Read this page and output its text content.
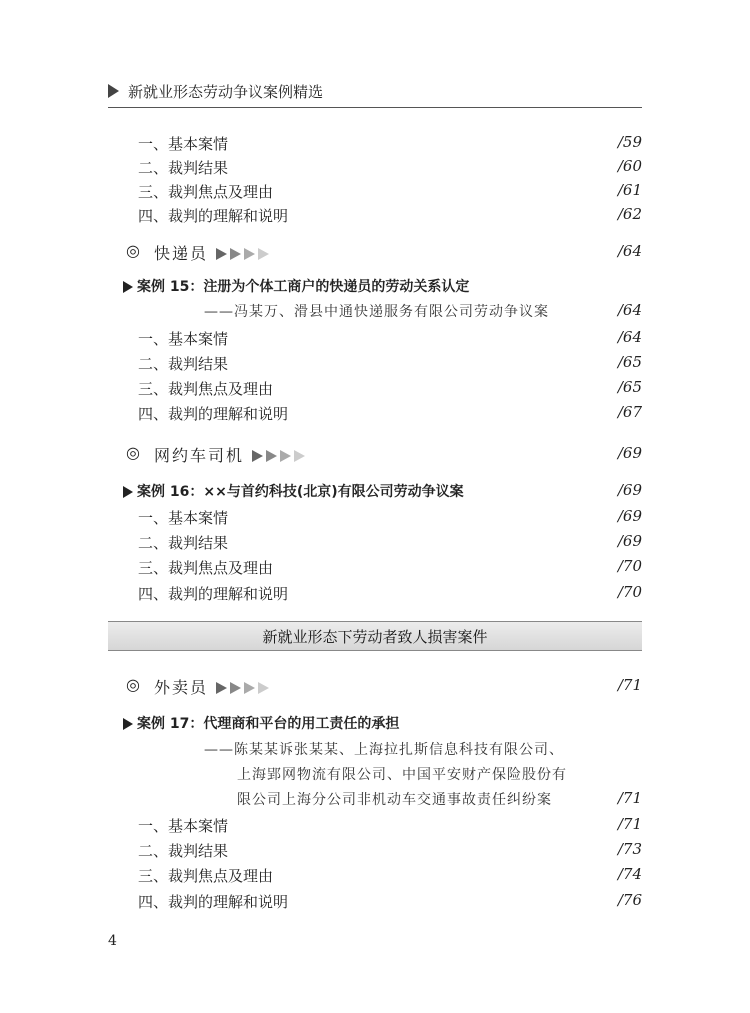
新就业形态劳动争议案例精选
一、基本案情	/59
二、裁判结果	/60
三、裁判焦点及理由	/61
四、裁判的理解和说明	/62
◎ 快递员	/64
案例 15：注册为个体工商户的快递员的劳动关系认定
——冯某万、滑县中通快递服务有限公司劳动争议案	/64
一、基本案情	/64
二、裁判结果	/65
三、裁判焦点及理由	/65
四、裁判的理解和说明	/67
◎ 网约车司机	/69
案例 16：××与首约科技(北京)有限公司劳动争议案	/69
一、基本案情	/69
二、裁判结果	/69
三、裁判焦点及理由	/70
四、裁判的理解和说明	/70
新就业形态下劳动者致人损害案件
◎ 外卖员	/71
案例 17：代理商和平台的用工责任的承担
——陈某某诉张某某、上海拉扎斯信息科技有限公司、
上海郢网物流有限公司、中国平安财产保险股份有
限公司上海分公司非机动车交通事故责任纠纷案	/71
一、基本案情	/71
二、裁判结果	/73
三、裁判焦点及理由	/74
四、裁判的理解和说明	/76
4
